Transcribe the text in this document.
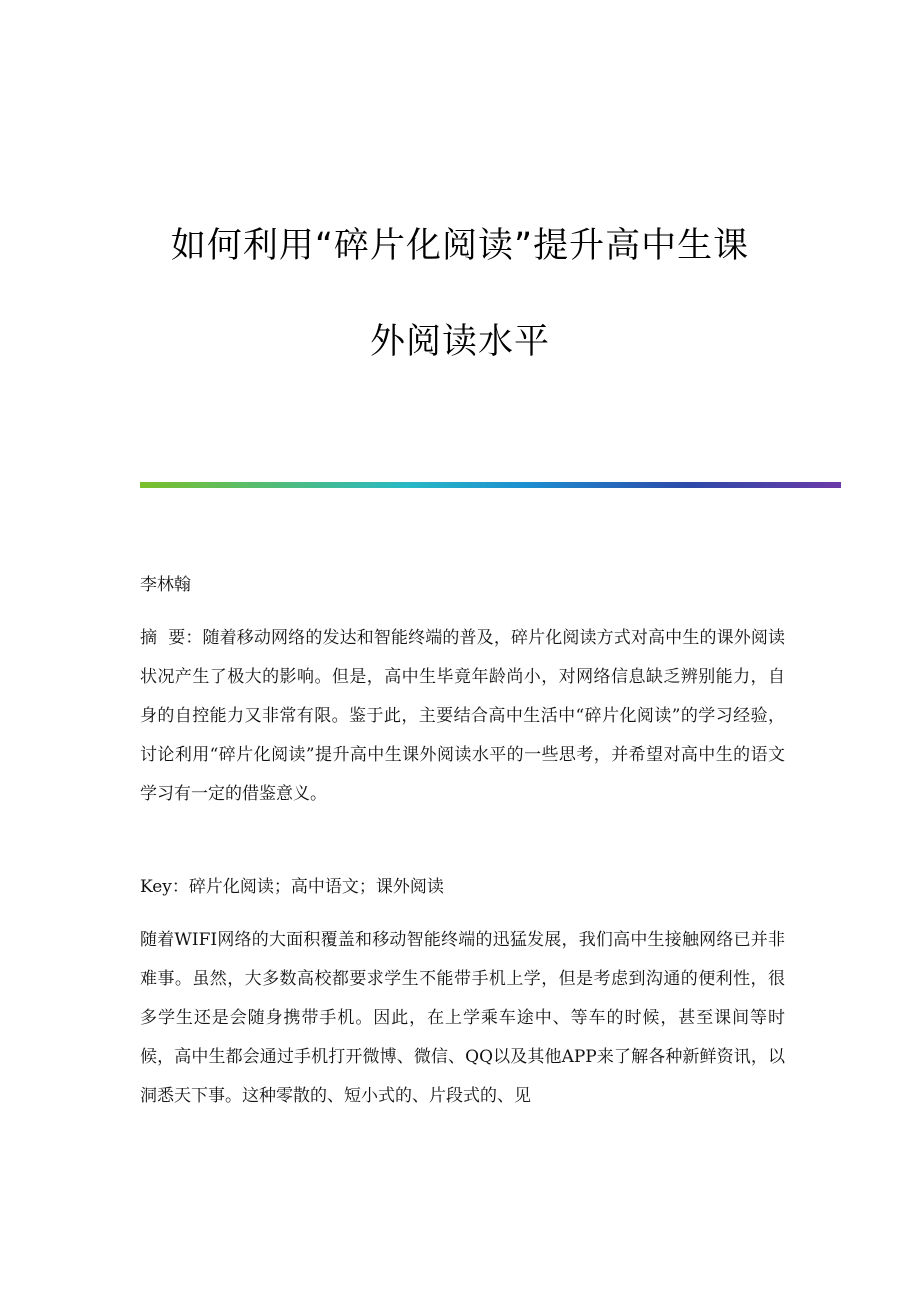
如何利用“碎片化阅读”提升高中生课
外阅读水平
李林翰
摘  要：随着移动网络的发达和智能终端的普及，碎片化阅读方式对高中生的课外阅读状况产生了极大的影响。但是，高中生毕竟年龄尚小，对网络信息缺乏辨别能力，自身的自控能力又非常有限。鉴于此，主要结合高中生活中“碎片化阅读”的学习经验，讨论利用“碎片化阅读”提升高中生课外阅读水平的一些思考，并希望对高中生的语文学习有一定的借鉴意义。
Key：碎片化阅读；高中语文；课外阅读
随着WIFI网络的大面积覆盖和移动智能终端的迅猛发展，我们高中生接触网络已并非难事。虽然，大多数高校都要求学生不能带手机上学，但是考虑到沟通的便利性，很多学生还是会随身携带手机。因此，在上学乘车途中、等车的时候，甚至课间等时候，高中生都会通过手机打开微博、微信、QQ以及其他APP来了解各种新鲜资讯，以洞悉天下事。这种零散的、短小式的、片段式的、见
